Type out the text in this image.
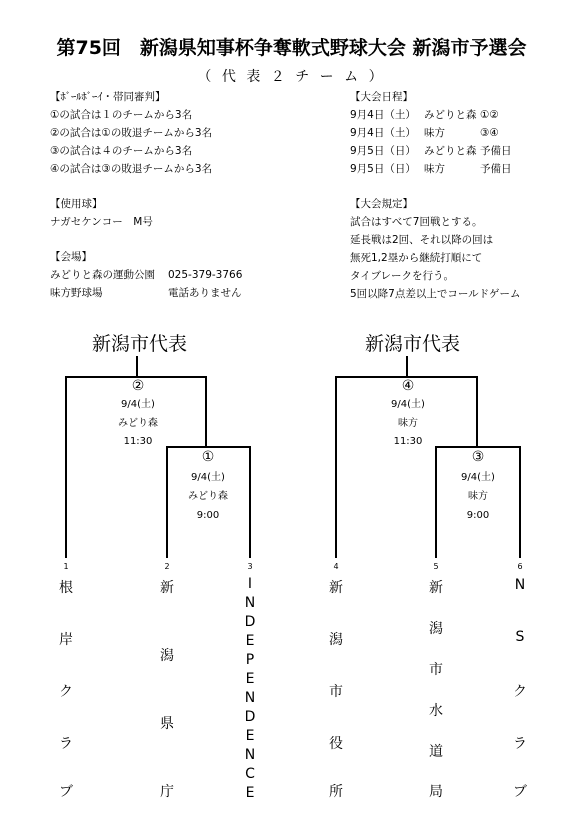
第75回　新潟県知事杯争奪軟式野球大会 新潟市予選会
（ 代 表 ２ チ ー ム ）
【ﾎﾞｰﾙﾎﾞｰｲ・帯同審判】
①の試合は１のチームから3名
②の試合は①の敗退チームから3名
③の試合は４のチームから3名
④の試合は③の敗退チームから3名
【使用球】
ナガセケンコー　M号
【会場】
みどりと森の運動公園 025-379-3766
味方野球場	電話ありません
【大会日程】
9月4日（土） みどりと森 ①②
9月4日（土） 味方	③④
9月5日（日） みどりと森 予備日
9月5日（日） 味方	予備日
【大会規定】
試合はすべて7回戦とする。
延長戦は2回、それ以降の回は
無死1,2塁から継続打順にて
タイブレークを行う。
5回以降7点差以上でコールドゲーム
新潟市代表
②
9/4(土)
みどり森
11:30
①
9/4(土)
みどり森
9:00
1	2	3
根
岸
ク
ラ
ブ
新
潟
県
庁
I
N
D
E
P
E
N
D
E
N
C
E
新潟市代表
④
9/4(土)
味方
11:30
③
9/4(土)
味方
9:00
4	5	6
新
潟
市
役
所
新
潟
市
水
道
局
N
S
ク
ラ
ブ
